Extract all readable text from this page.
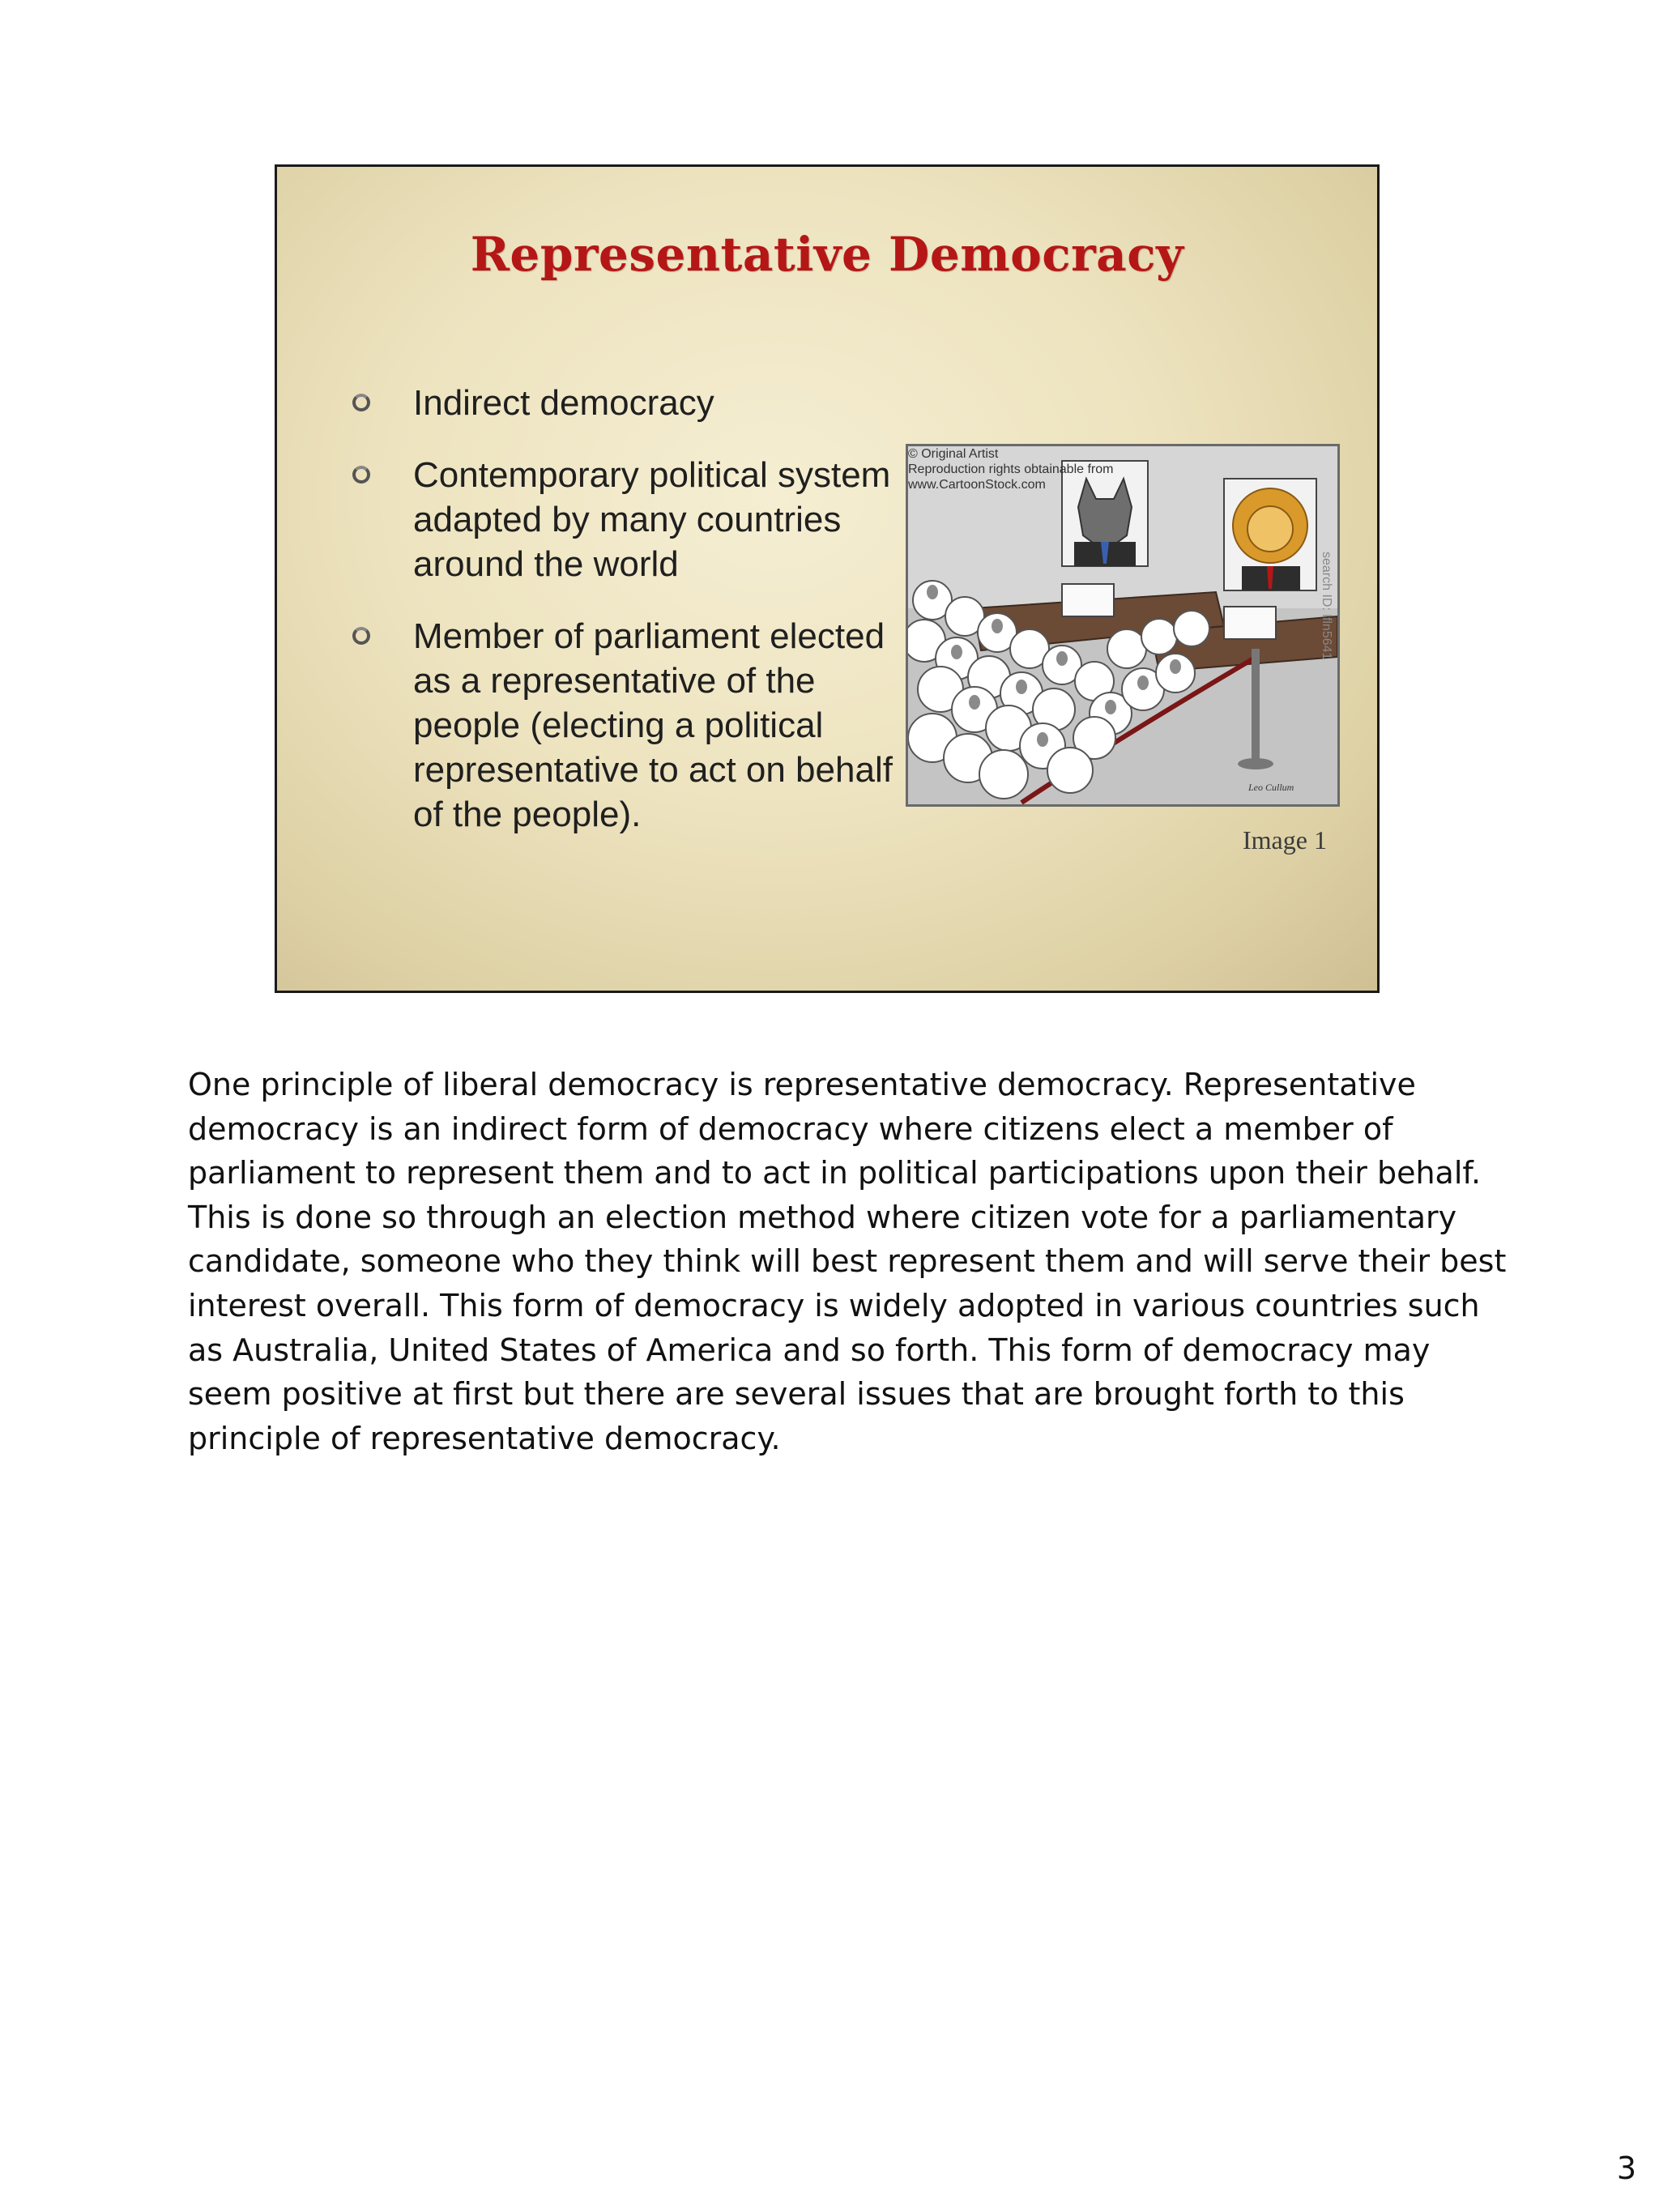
Representative Democracy
Indirect democracy
Contemporary political system adapted by many countries around the world
Member of parliament elected as a representative of the people (electing a political representative to act on behalf of the people).
search ID: lfln5641
Leo Cullum
© Original Artist
Reproduction rights obtainable from
www.CartoonStock.com
Image 1
One principle of liberal democracy is representative democracy. Representative
democracy is an indirect form of democracy where citizens elect a member of
parliament to represent them and to act in political participations upon their behalf.
This is done so through an election method where citizen vote for a parliamentary
candidate, someone who they think will best represent them and will serve their best
interest overall. This form of democracy is widely adopted in various countries such
as Australia, United States of America and so forth. This form of democracy may
seem positive at first but there are several issues that are brought forth to this
principle of representative democracy.
3
